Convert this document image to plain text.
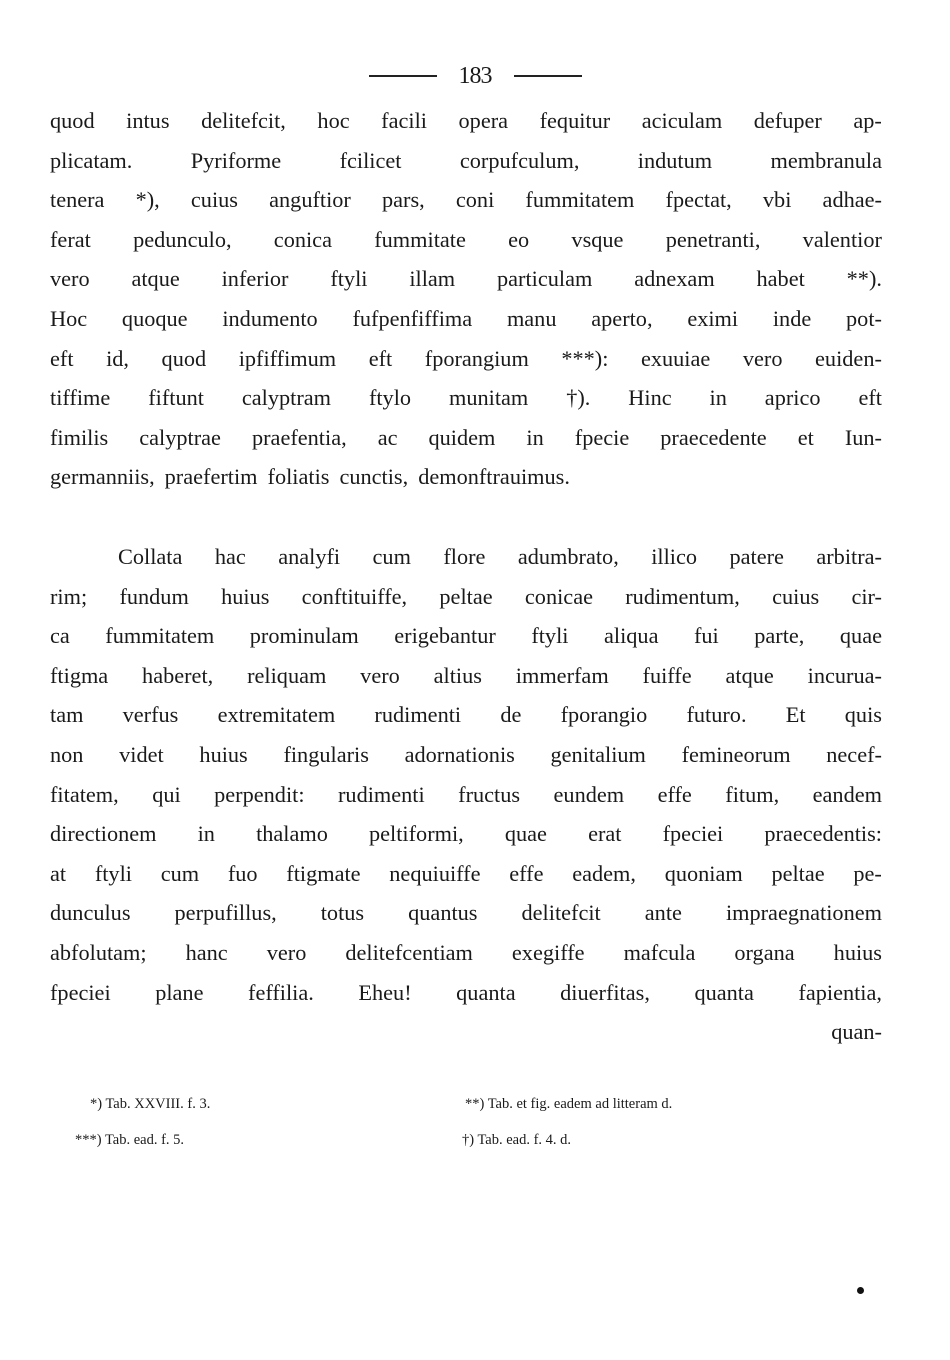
183
quod intus delitefcit, hoc facili opera fequitur aciculam defuper ap-
plicatam.	Pyriforme	fcilicet	corpufculum,	indutum	membranula
tenera *), cuius anguftior pars, coni fummitatem fpectat, vbi adhae-
ferat pedunculo, conica fummitate eo vsque penetranti, valentior
vero atque inferior ftyli illam particulam adnexam habet **).
Hoc quoque indumento fufpenfiffima manu aperto, eximi inde pot-
eft id, quod ipfiffimum eft fporangium ***): exuuiae vero euiden-
tiffime fiftunt calyptram ftylo munitam †). Hinc in aprico eft
fimilis calyptrae praefentia, ac quidem in fpecie praecedente et Iun-
germanniis, praefertim foliatis cunctis, demonftrauimus.
Collata hac analyfi cum flore adumbrato, illico patere arbitra-
rim; fundum huius conftituiffe, peltae conicae rudimentum, cuius cir-
ca fummitatem prominulam erigebantur ftyli aliqua fui parte, quae
ftigma haberet, reliquam vero altius immerfam fuiffe atque incurua-
tam verfus extremitatem rudimenti de fporangio futuro. Et quis
non videt huius fingularis adornationis genitalium femineorum necef-
fitatem, qui perpendit: rudimenti fructus eundem effe fitum, eandem
directionem in thalamo peltiformi, quae erat fpeciei praecedentis:
at ftyli cum fuo ftigmate nequiuiffe effe eadem, quoniam peltae pe-
dunculus perpufillus, totus quantus delitefcit ante impraegnationem
abfolutam; hanc vero delitefcentiam exegiffe mafcula organa huius
fpeciei plane feffilia. Eheu! quanta diuerfitas, quanta fapientia,
quan-
*) Tab. XXVIII. f. 3.	**) Tab. et fig. eadem ad litteram d.
***) Tab. ead. f. 5.	†) Tab. ead. f. 4. d.
